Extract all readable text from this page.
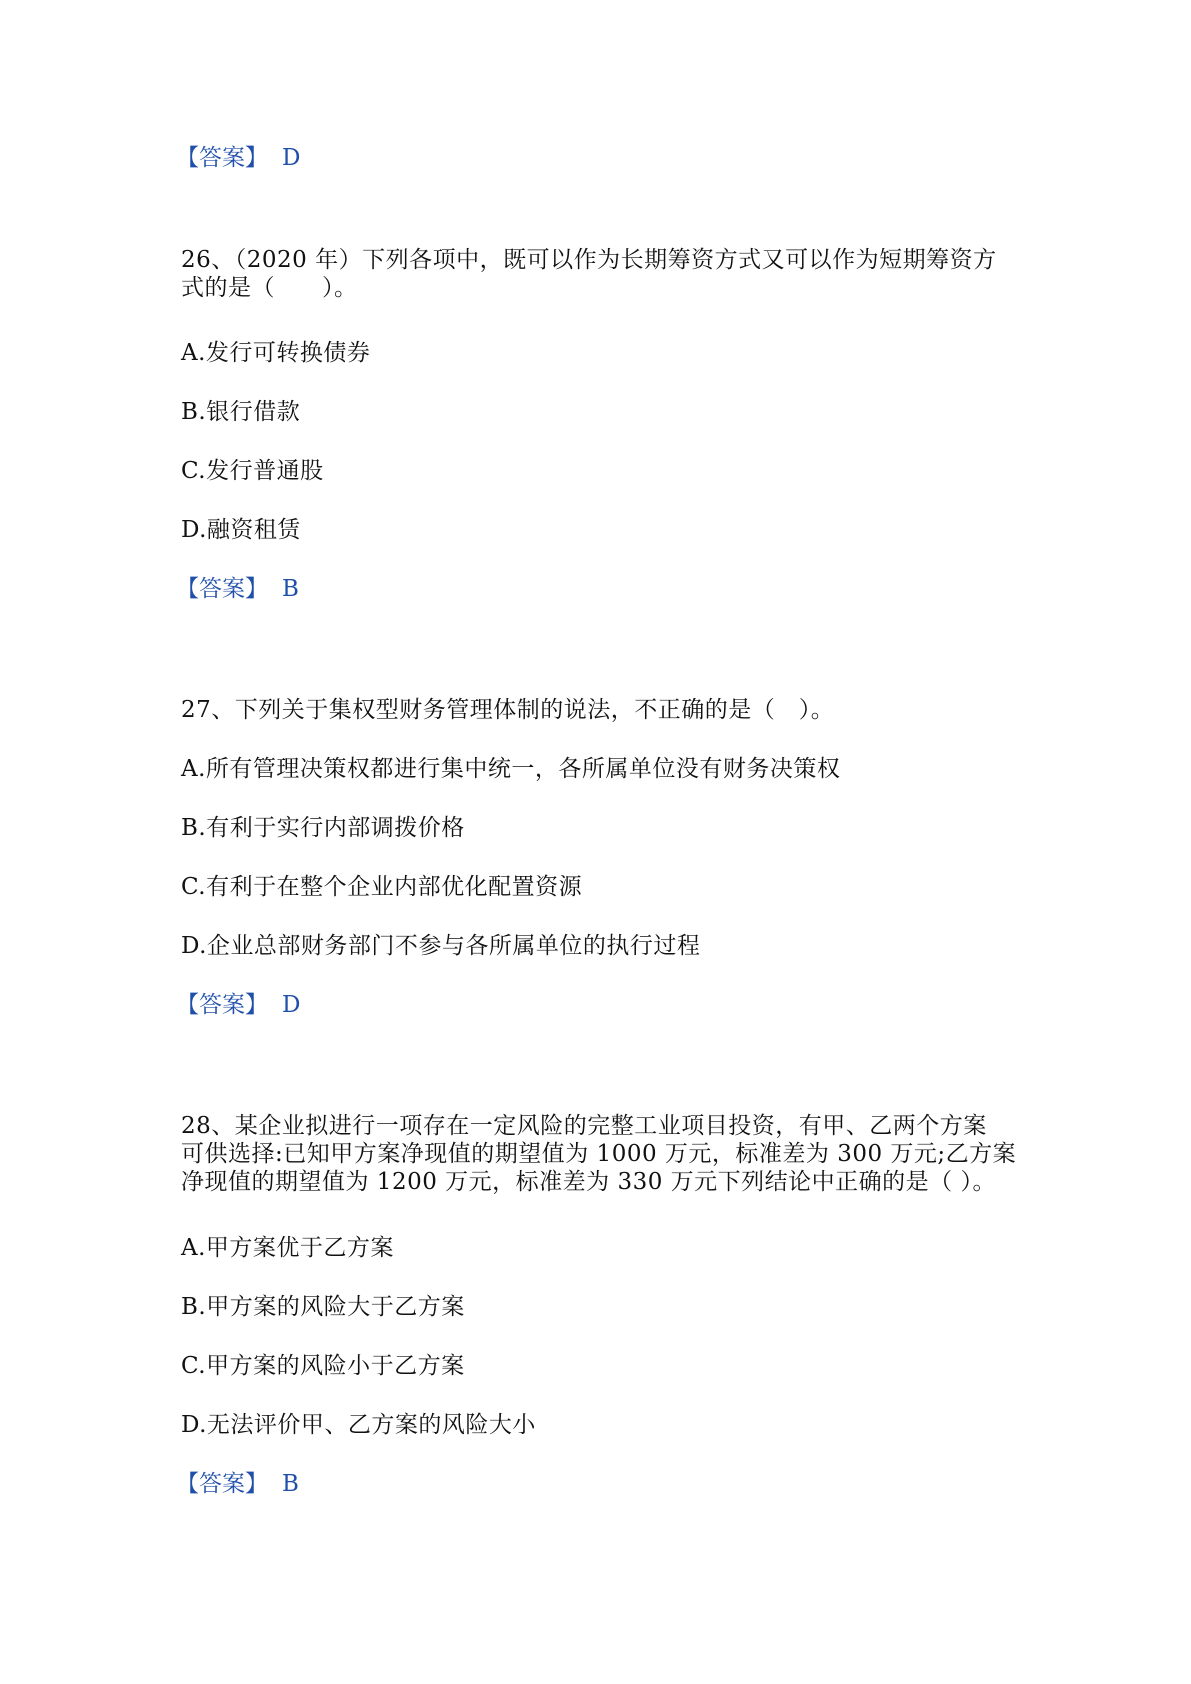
【答案】 D
26、（2020 年）下列各项中，既可以作为长期筹资方式又可以作为短期筹资方
式的是（　　）。
A.发行可转换债券
B.银行借款
C.发行普通股
D.融资租赁
【答案】 B
27、下列关于集权型财务管理体制的说法，不正确的是（　）。
A.所有管理决策权都进行集中统一，各所属单位没有财务决策权
B.有利于实行内部调拨价格
C.有利于在整个企业内部优化配置资源
D.企业总部财务部门不参与各所属单位的执行过程
【答案】 D
28、某企业拟进行一项存在一定风险的完整工业项目投资，有甲、乙两个方案
可供选择:已知甲方案净现值的期望值为 1000 万元，标准差为 300 万元;乙方案
净现值的期望值为 1200 万元，标准差为 330 万元下列结论中正确的是（ ）。
A.甲方案优于乙方案
B.甲方案的风险大于乙方案
C.甲方案的风险小于乙方案
D.无法评价甲、乙方案的风险大小
【答案】 B
